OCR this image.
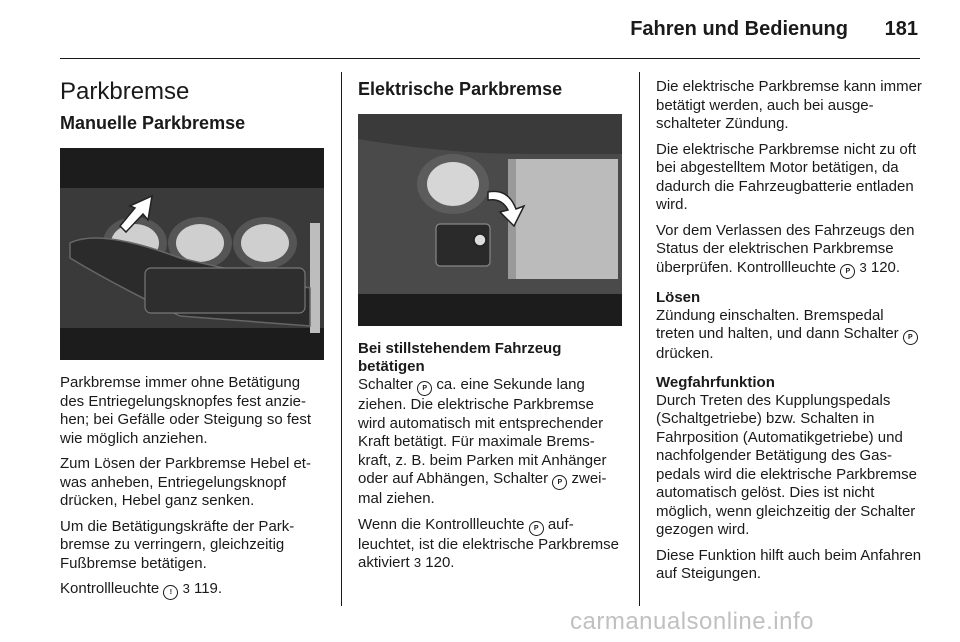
Fahren und Bedienung 181
Parkbremse
Manuelle Parkbremse

Parkbremse immer ohne Betätigung des Entriegelungsknopfes fest anziehen; bei Gefälle oder Steigung so fest wie möglich anziehen.

Zum Lösen der Parkbremse Hebel etwas anheben, Entriegelungsknopf drücken, Hebel ganz senken.

Um die Betätigungskräfte der Parkbremse zu verringern, gleichzeitig Fußbremse betätigen.

Kontrollleuchte ! 3 119.

Elektrische Parkbremse
Bei stillstehendem Fahrzeug betätigen

Schalter P ca. eine Sekunde lang ziehen. Die elektrische Parkbremse wird automatisch mit entsprechender Kraft betätigt. Für maximale Bremskraft, z. B. beim Parken mit Anhänger oder auf Abhängen, Schalter P zweimal ziehen.

Wenn die Kontrollleuchte P aufleuchtet, ist die elektrische Parkbremse aktiviert 3 120.

Die elektrische Parkbremse kann immer betätigt werden, auch bei ausgeschalteter Zündung.

Die elektrische Parkbremse nicht zu oft bei abgestelltem Motor betätigen, da dadurch die Fahrzeugbatterie entladen wird.

Vor dem Verlassen des Fahrzeugs den Status der elektrischen Parkbremse überprüfen. Kontrollleuchte P 3 120.

Lösen

Zündung einschalten. Bremspedal treten und halten, und dann Schalter P drücken.

Wegfahrfunktion

Durch Treten des Kupplungspedals (Schaltgetriebe) bzw. Schalten in Fahrposition (Automatikgetriebe) und nachfolgender Betätigung des Gaspedals wird die elektrische Parkbremse automatisch gelöst. Dies ist nicht möglich, wenn gleichzeitig der Schalter gezogen wird.

Diese Funktion hilft auch beim Anfahren auf Steigungen.

carmanualsonline.info
